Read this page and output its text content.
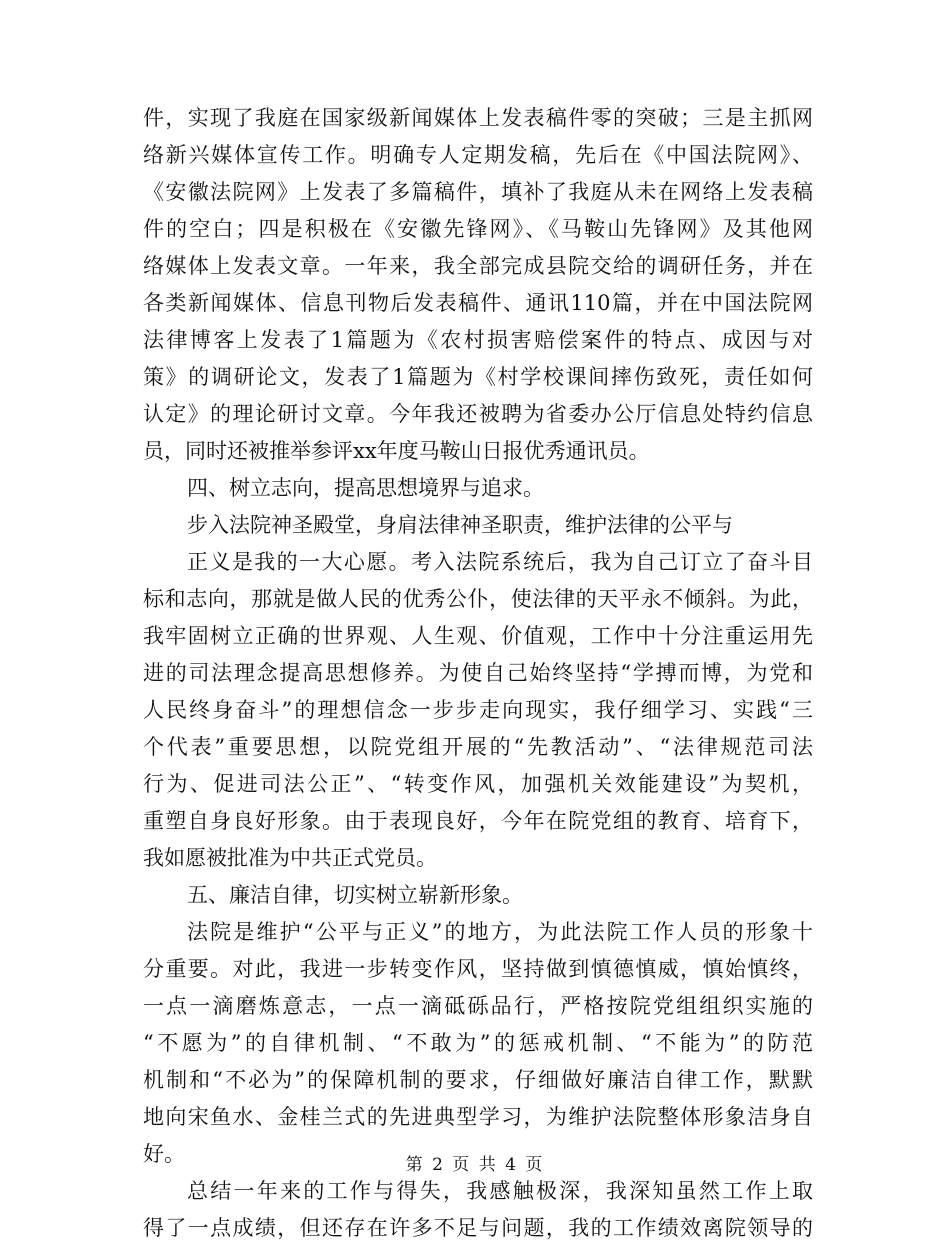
件，实现了我庭在国家级新闻媒体上发表稿件零的突破；三是主抓网
络新兴媒体宣传工作。明确专人定期发稿，先后在《中国法院网》、
《安徽法院网》上发表了多篇稿件，填补了我庭从未在网络上发表稿
件的空白；四是积极在《安徽先锋网》、《马鞍山先锋网》及其他网
络媒体上发表文章。一年来，我全部完成县院交给的调研任务，并在
各类新闻媒体、信息刊物后发表稿件、通讯110篇，并在中国法院网
法律博客上发表了1篇题为《农村损害赔偿案件的特点、成因与对
策》的调研论文，发表了1篇题为《村学校课间摔伤致死，责任如何
认定》的理论研讨文章。今年我还被聘为省委办公厅信息处特约信息
员，同时还被推举参评xx年度马鞍山日报优秀通讯员。
四、树立志向，提高思想境界与追求。
步入法院神圣殿堂，身肩法律神圣职责，维护法律的公平与
正义是我的一大心愿。考入法院系统后，我为自己订立了奋斗目
标和志向，那就是做人民的优秀公仆，使法律的天平永不倾斜。为此，
我牢固树立正确的世界观、人生观、价值观，工作中十分注重运用先
进的司法理念提高思想修养。为使自己始终坚持“学搏而博，为党和
人民终身奋斗”的理想信念一步步走向现实，我仔细学习、实践“三
个代表”重要思想，以院党组开展的“先教活动”、“法律规范司法
行为、促进司法公正”、“转变作风，加强机关效能建设”为契机，
重塑自身良好形象。由于表现良好，今年在院党组的教育、培育下，
我如愿被批准为中共正式党员。
五、廉洁自律，切实树立崭新形象。
法院是维护“公平与正义”的地方，为此法院工作人员的形象十
分重要。对此，我进一步转变作风，坚持做到慎德慎威，慎始慎终，
一点一滴磨炼意志，一点一滴砥砾品行，严格按院党组组织实施的
“不愿为”的自律机制、“不敢为”的惩戒机制、“不能为”的防范
机制和“不必为”的保障机制的要求，仔细做好廉洁自律工作，默默
地向宋鱼水、金桂兰式的先进典型学习，为维护法院整体形象洁身自
好。
总结一年来的工作与得失，我感触极深，我深知虽然工作上取
得了一点成绩，但还存在许多不足与问题，我的工作绩效离院领导的
第 2 页 共 4 页
